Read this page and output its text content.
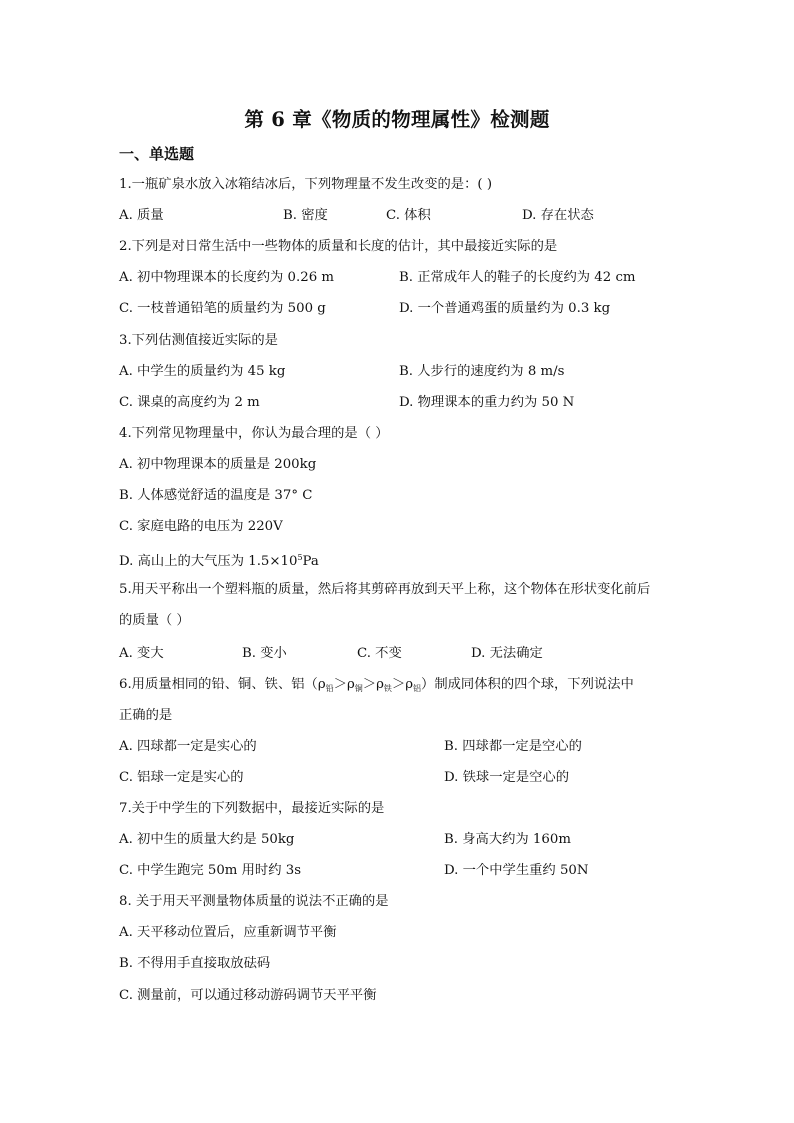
第 6 章《物质的物理属性》检测题
一、单选题
1.一瓶矿泉水放入冰箱结冰后，下列物理量不发生改变的是：( )
A. 质量	B. 密度	C. 体积	D. 存在状态
2.下列是对日常生活中一些物体的质量和长度的估计，其中最接近实际的是
A. 初中物理课本的长度约为 0.26 m	B. 正常成年人的鞋子的长度约为 42 cm
C. 一枝普通铅笔的质量约为 500 g	D. 一个普通鸡蛋的质量约为 0.3 kg
3.下列估测值接近实际的是
A. 中学生的质量约为 45 kg	B. 人步行的速度约为 8 m/s
C. 课桌的高度约为 2 m	D. 物理课本的重力约为 50 N
4.下列常见物理量中，你认为最合理的是（ ）
A. 初中物理课本的质量是 200kg
B. 人体感觉舒适的温度是 37° C
C. 家庭电路的电压为 220V
D. 高山上的大气压为 $1.5\times 10^5Pa$
5.用天平称出一个塑料瓶的质量，然后将其剪碎再放到天平上称，这个物体在形状变化前后
的质量（ ）
A. 变大	B. 变小	C. 不变	D. 无法确定
6.用质量相同的铅、铜、铁、铝$(\rho_铅>\rho_铜>\rho_铁>\rho_铝)$制成同体积的四个球，下列说法中
正确的是
A. 四球都一定是实心的	B. 四球都一定是空心的
C. 铝球一定是实心的	D. 铁球一定是空心的
7.关于中学生的下列数据中，最接近实际的是
A. 初中生的质量大约是 50kg	B. 身高大约为 160m
C. 中学生跑完 50m 用时约 3s	D. 一个中学生重约 50N
8. 关于用天平测量物体质量的说法不正确的是
A. 天平移动位置后，应重新调节平衡
B. 不得用手直接取放砝码
C. 测量前，可以通过移动游码调节天平平衡
